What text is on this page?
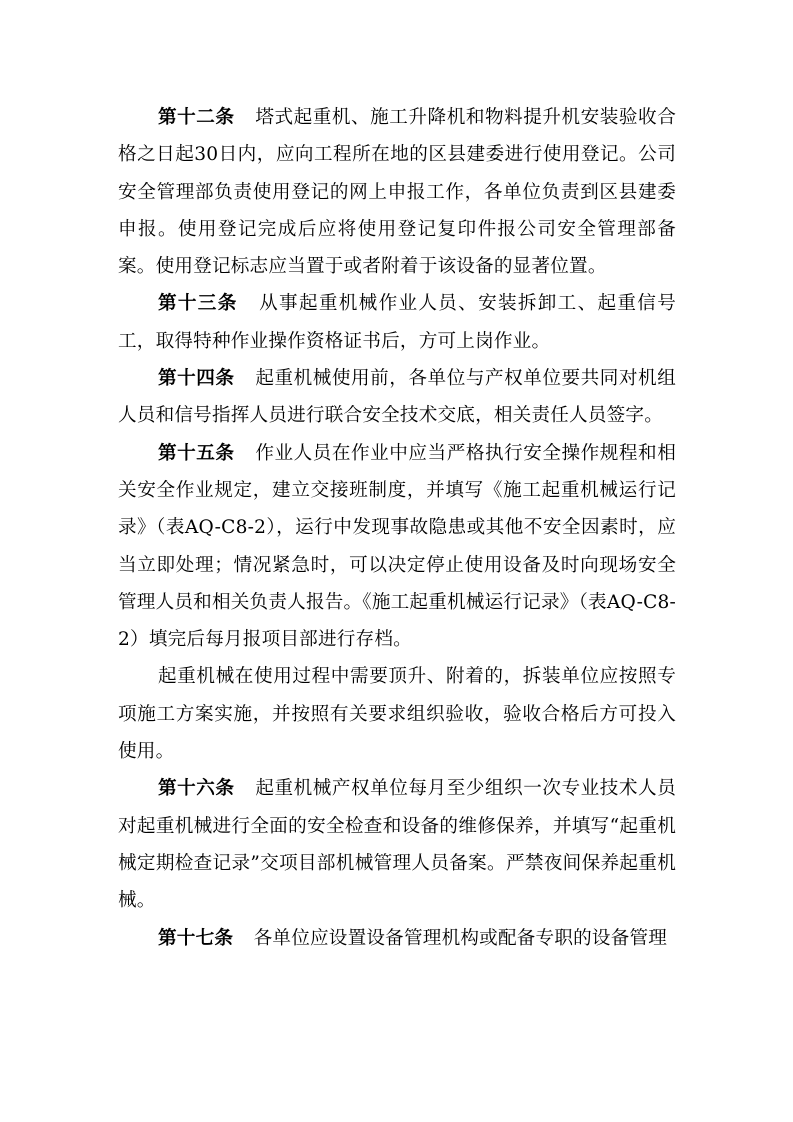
第十二条 塔式起重机、施工升降机和物料提升机安装验收合格之日起30日内，应向工程所在地的区县建委进行使用登记。公司安全管理部负责使用登记的网上申报工作，各单位负责到区县建委申报。使用登记完成后应将使用登记复印件报公司安全管理部备案。使用登记标志应当置于或者附着于该设备的显著位置。

第十三条 从事起重机械作业人员、安装拆卸工、起重信号工，取得特种作业操作资格证书后，方可上岗作业。

第十四条 起重机械使用前，各单位与产权单位要共同对机组人员和信号指挥人员进行联合安全技术交底，相关责任人员签字。

第十五条 作业人员在作业中应当严格执行安全操作规程和相关安全作业规定，建立交接班制度，并填写《施工起重机械运行记录》（表AQ-C8-2），运行中发现事故隐患或其他不安全因素时，应当立即处理；情况紧急时，可以决定停止使用设备及时向现场安全管理人员和相关负责人报告。《施工起重机械运行记录》（表AQ-C8-2）填完后每月报项目部进行存档。

起重机械在使用过程中需要顶升、附着的，拆装单位应按照专项施工方案实施，并按照有关要求组织验收，验收合格后方可投入使用。

第十六条 起重机械产权单位每月至少组织一次专业技术人员对起重机械进行全面的安全检查和设备的维修保养，并填写“起重机械定期检查记录”交项目部机械管理人员备案。严禁夜间保养起重机械。

第十七条 各单位应设置设备管理机构或配备专职的设备管理
